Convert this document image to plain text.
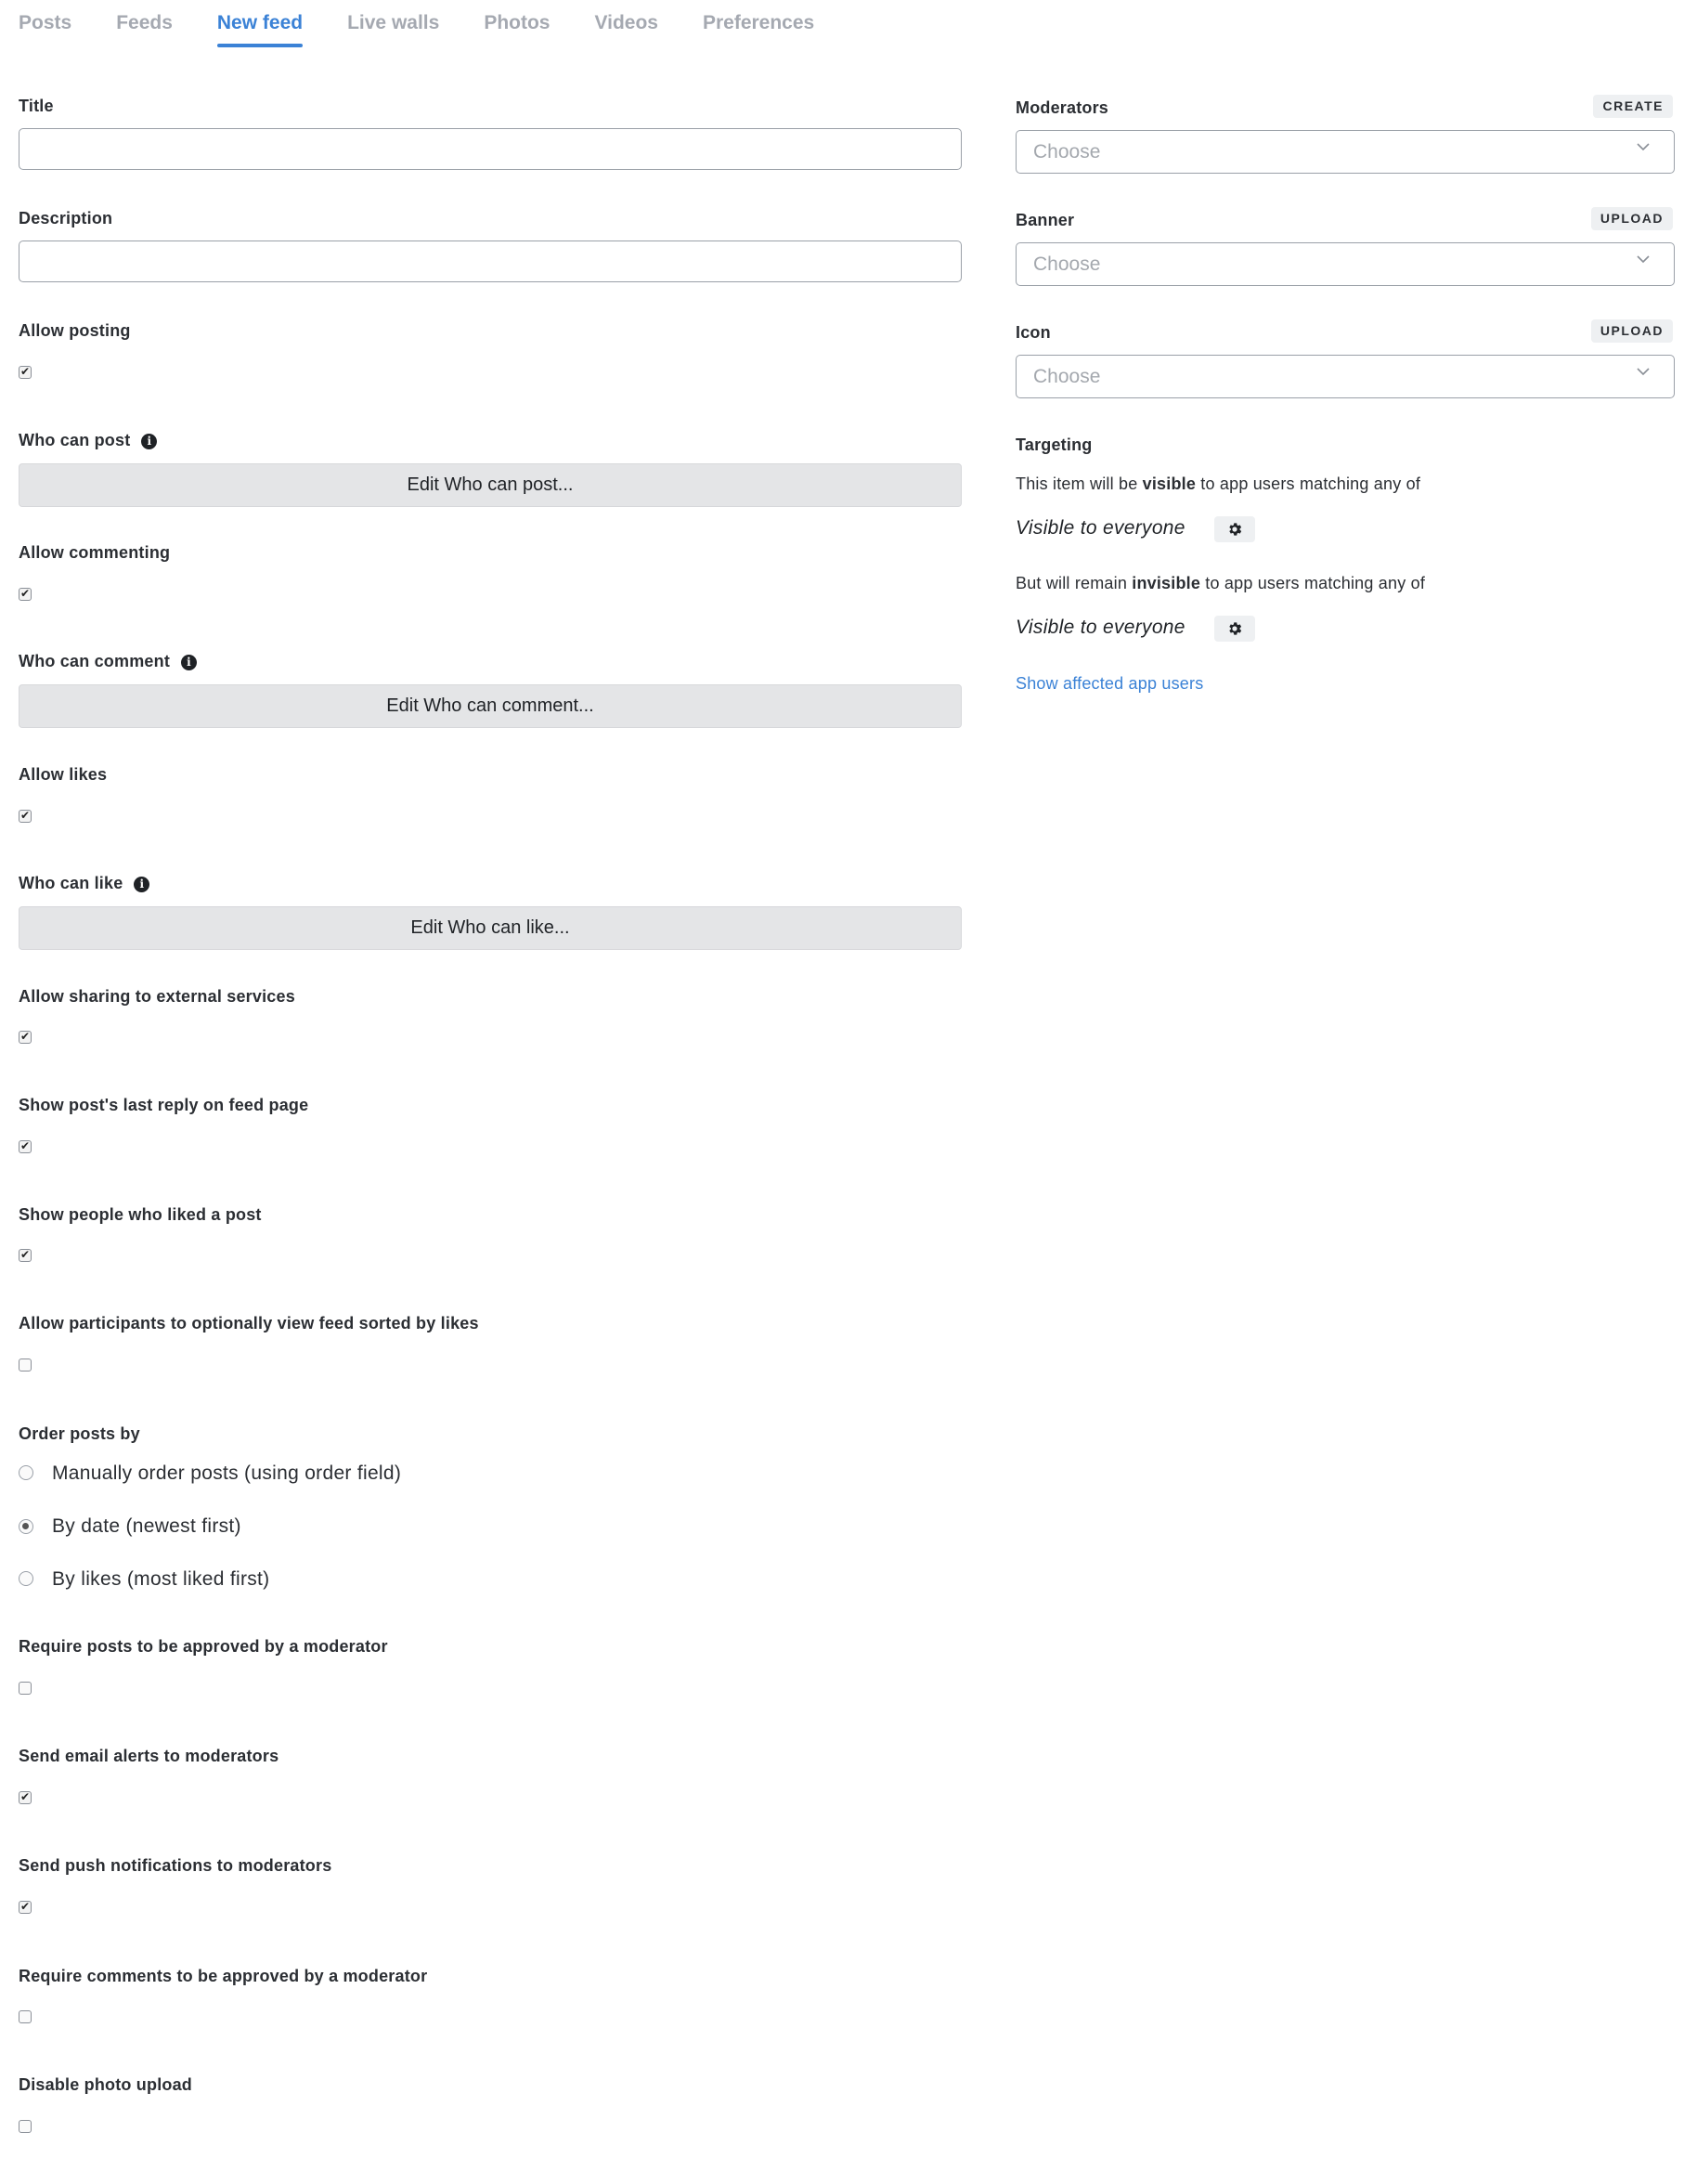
Posts Feeds New feed Live walls Photos Videos Preferences
Title
Description
Allow posting
✔
Who can post i
Edit Who can post...
Allow commenting
✔
Who can comment i
Edit Who can comment...
Allow likes
✔
Who can like i
Edit Who can like...
Allow sharing to external services
✔
Show post's last reply on feed page
✔
Show people who liked a post
✔
Allow participants to optionally view feed sorted by likes
Order posts by
Manually order posts (using order field)
By date (newest first)
By likes (most liked first)
Require posts to be approved by a moderator
Send email alerts to moderators
✔
Send push notifications to moderators
✔
Require comments to be approved by a moderator
Disable photo upload
Moderators	CREATE
Choose
Banner	UPLOAD
Choose
Icon	UPLOAD
Choose
Targeting
This item will be visible to app users matching any of
Visible to everyone
But will remain invisible to app users matching any of
Visible to everyone
Show affected app users
